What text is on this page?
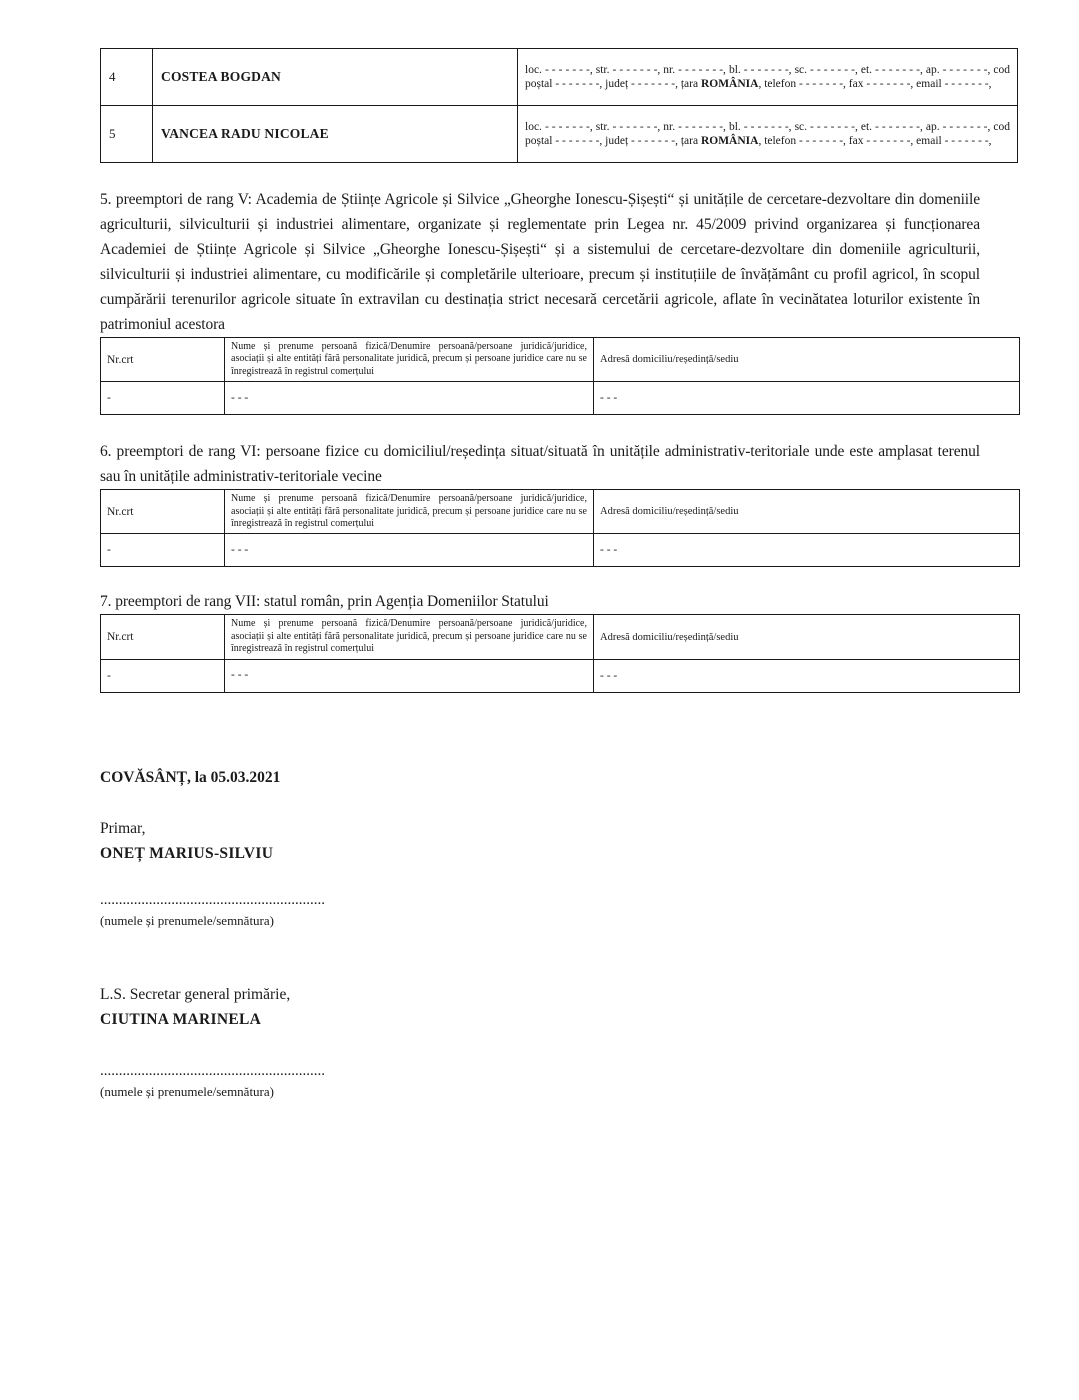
4	COSTEA BOGDAN	loc. - - - - - - -, str. - - - - - - -, nr. - - - - - - -, bl. - - - - - - -, sc. - - - - - - -, et. - - - - - - -, ap. - - - - - - -, cod poștal - - - - - - -, județ - - - - - - -, țara ROMÂNIA, telefon - - - - - - -, fax - - - - - - -, email - - - - - - -,
5	VANCEA RADU NICOLAE	loc. - - - - - - -, str. - - - - - - -, nr. - - - - - - -, bl. - - - - - - -, sc. - - - - - - -, et. - - - - - - -, ap. - - - - - - -, cod poștal - - - - - - -, județ - - - - - - -, țara ROMÂNIA, telefon - - - - - - -, fax - - - - - - -, email - - - - - - -,

5. preemptori de rang V: Academia de Științe Agricole și Silvice „Gheorghe Ionescu-Șișești“ și unitățile de cercetare-dezvoltare din domeniile agriculturii, silviculturii și industriei alimentare, organizate și reglementate prin Legea nr. 45/2009 privind organizarea și funcționarea Academiei de Științe Agricole și Silvice „Gheorghe Ionescu-Șișești“ și a sistemului de cercetare-dezvoltare din domeniile agriculturii, silviculturii și industriei alimentare, cu modificările și completările ulterioare, precum și instituțiile de învățământ cu profil agricol, în scopul cumpărării terenurilor agricole situate în extravilan cu destinația strict necesară cercetării agricole, aflate în vecinătatea loturilor existente în patrimoniul acestora

Nr.crt	Nume și prenume persoană fizică/Denumire persoană/persoane juridică/juridice, asociații și alte entități fără personalitate juridică, precum și persoane juridice care nu se înregistrează în registrul comerțului	Adresă domiciliu/reședință/sediu
-	- - -	- - -

6. preemptori de rang VI: persoane fizice cu domiciliul/reședința situat/situată în unitățile administrativ-teritoriale unde este amplasat terenul sau în unitățile administrativ-teritoriale vecine

Nr.crt	Nume și prenume persoană fizică/Denumire persoană/persoane juridică/juridice, asociații și alte entități fără personalitate juridică, precum și persoane juridice care nu se înregistrează în registrul comerțului	Adresă domiciliu/reședință/sediu
-	- - -	- - -

7. preemptori de rang VII: statul român, prin Agenția Domeniilor Statului

Nr.crt	Nume și prenume persoană fizică/Denumire persoană/persoane juridică/juridice, asociații și alte entități fără personalitate juridică, precum și persoane juridice care nu se înregistrează în registrul comerțului	Adresă domiciliu/reședință/sediu
-	- - -	- - -
COVĂSÂNȚ, la 05.03.2021
Primar,
ONEȚ MARIUS-SILVIU
............................................................
(numele și prenumele/semnătura)
L.S. Secretar general primărie,
CIUTINA MARINELA
............................................................
(numele și prenumele/semnătura)
